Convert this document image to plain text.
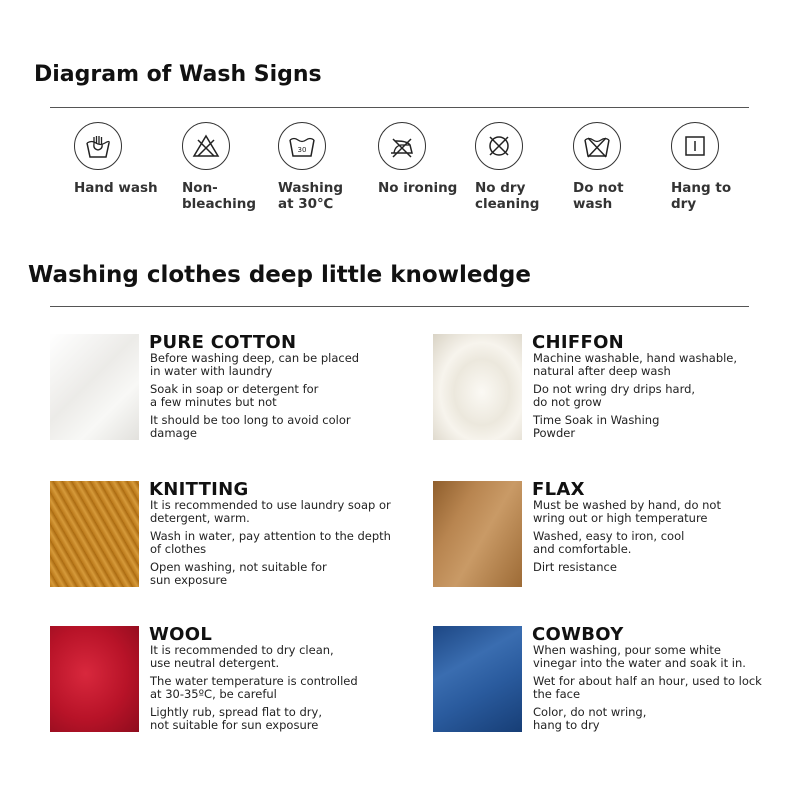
Diagram of Wash Signs
Hand wash	Non-
bleaching
30
Washing
at 30℃
No ironing	No dry
cleaning
Do not
wash
Hang to
dry
Washing clothes deep little knowledge
PURE COTTON
Before washing deep, can be placed
in water with laundry
Soak in soap or detergent for
a few minutes but not
It should be too long to avoid color
damage
CHIFFON
Machine washable, hand washable,
natural after deep wash
Do not wring dry drips hard,
do not grow
Time Soak in Washing
Powder
KNITTING
It is recommended to use laundry soap or
detergent, warm.
Wash in water, pay attention to the depth
of clothes
Open washing, not suitable for
sun exposure
FLAX
Must be washed by hand, do not
wring out or high temperature
Washed, easy to iron, cool
and comfortable.
Dirt resistance
WOOL
It is recommended to dry clean,
use neutral detergent.
The water temperature is controlled
at 30-35ºC, be careful
Lightly rub, spread flat to dry,
not suitable for sun exposure
COWBOY
When washing, pour some white
vinegar into the water and soak it in.
Wet for about half an hour, used to lock
the face
Color, do not wring,
hang to dry
